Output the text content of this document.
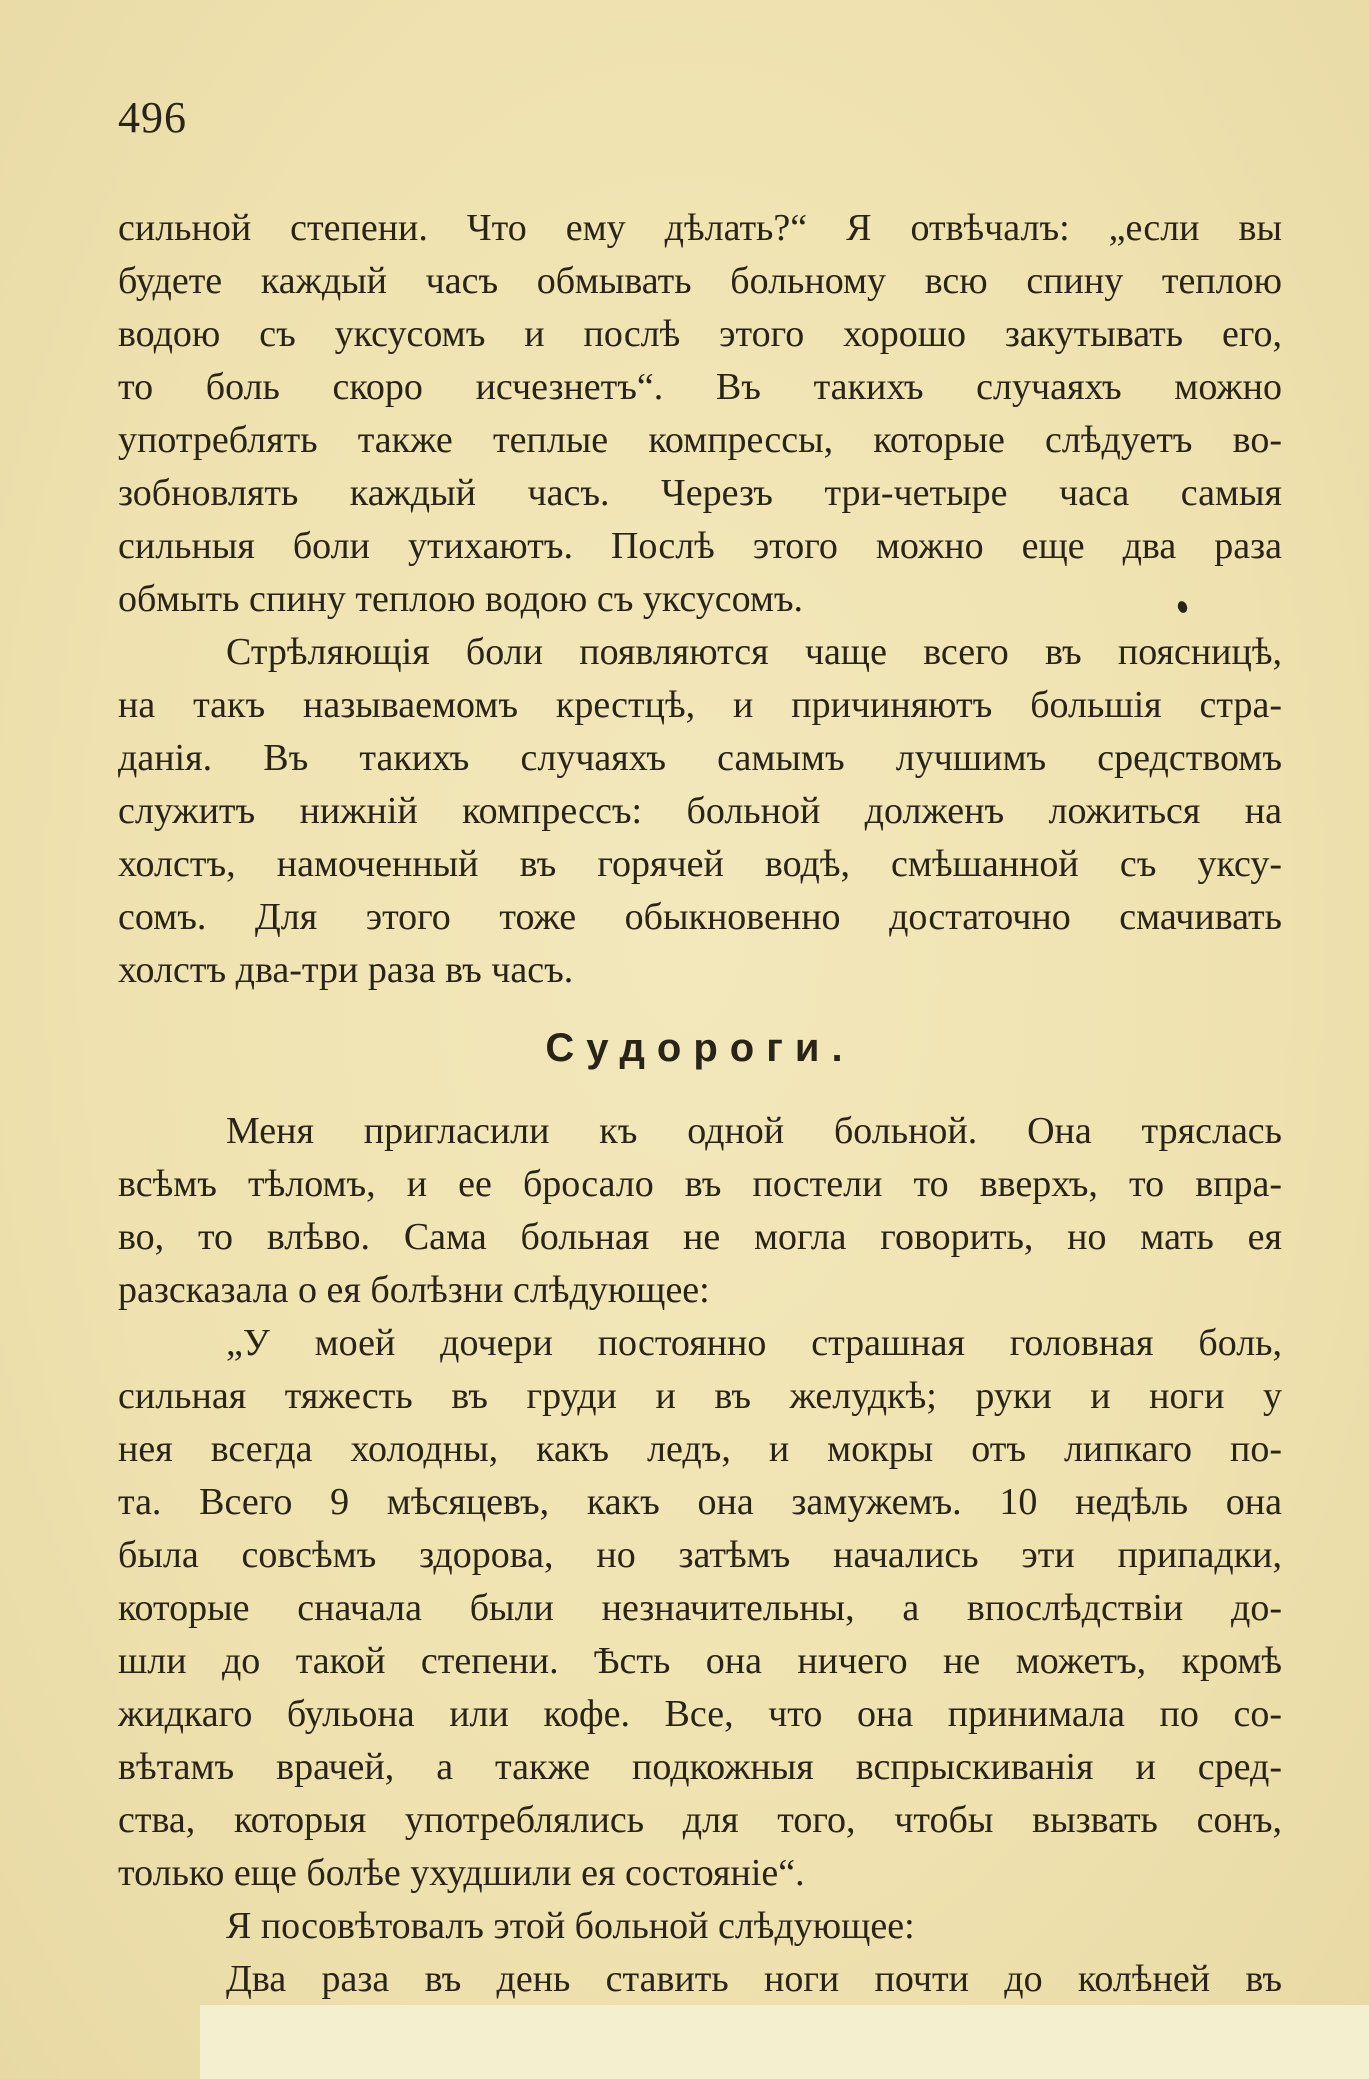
496
сильной степени. Что ему дѣлать?“ Я отвѣчалъ: „если вы
будете каждый часъ обмывать больному всю спину теплою
водою съ уксусомъ и послѣ этого хорошо закутывать его,
то боль скоро исчезнетъ“. Въ такихъ случаяхъ можно
употреблять также теплые компрессы, которые слѣдуетъ во-
зобновлять каждый часъ. Черезъ три-четыре часа самыя
сильныя боли утихаютъ. Послѣ этого можно еще два раза
обмыть спину теплою водою съ уксусомъ.
Стрѣляющія боли появляются чаще всего въ поясницѣ,
на такъ называемомъ крестцѣ, и причиняютъ большія стра-
данія. Въ такихъ случаяхъ самымъ лучшимъ средствомъ
служитъ нижній компрессъ: больной долженъ ложиться на
холстъ, намоченный въ горячей водѣ, смѣшанной съ уксу-
сомъ. Для этого тоже обыкновенно достаточно смачивать
холстъ два-три раза въ часъ.
Судороги.
Меня пригласили къ одной больной. Она тряслась
всѣмъ тѣломъ, и ее бросало въ постели то вверхъ, то впра-
во, то влѣво. Сама больная не могла говорить, но мать ея
разсказала о ея болѣзни слѣдующее:
„У моей дочери постоянно страшная головная боль,
сильная тяжесть въ груди и въ желудкѣ; руки и ноги у
нея всегда холодны, какъ ледъ, и мокры отъ липкаго по-
та. Всего 9 мѣсяцевъ, какъ она замужемъ. 10 недѣль она
была совсѣмъ здорова, но затѣмъ начались эти припадки,
которые сначала были незначительны, а впослѣдствіи до-
шли до такой степени. Ѣсть она ничего не можетъ, кромѣ
жидкаго бульона или кофе. Все, что она принимала по со-
вѣтамъ врачей, а также подкожныя вспрыскиванія и сред-
ства, которыя употреблялись для того, чтобы вызвать сонъ,
только еще болѣе ухудшили ея состояніе“.
Я посовѣтовалъ этой больной слѣдующее:
Два раза въ день ставить ноги почти до колѣней въ
